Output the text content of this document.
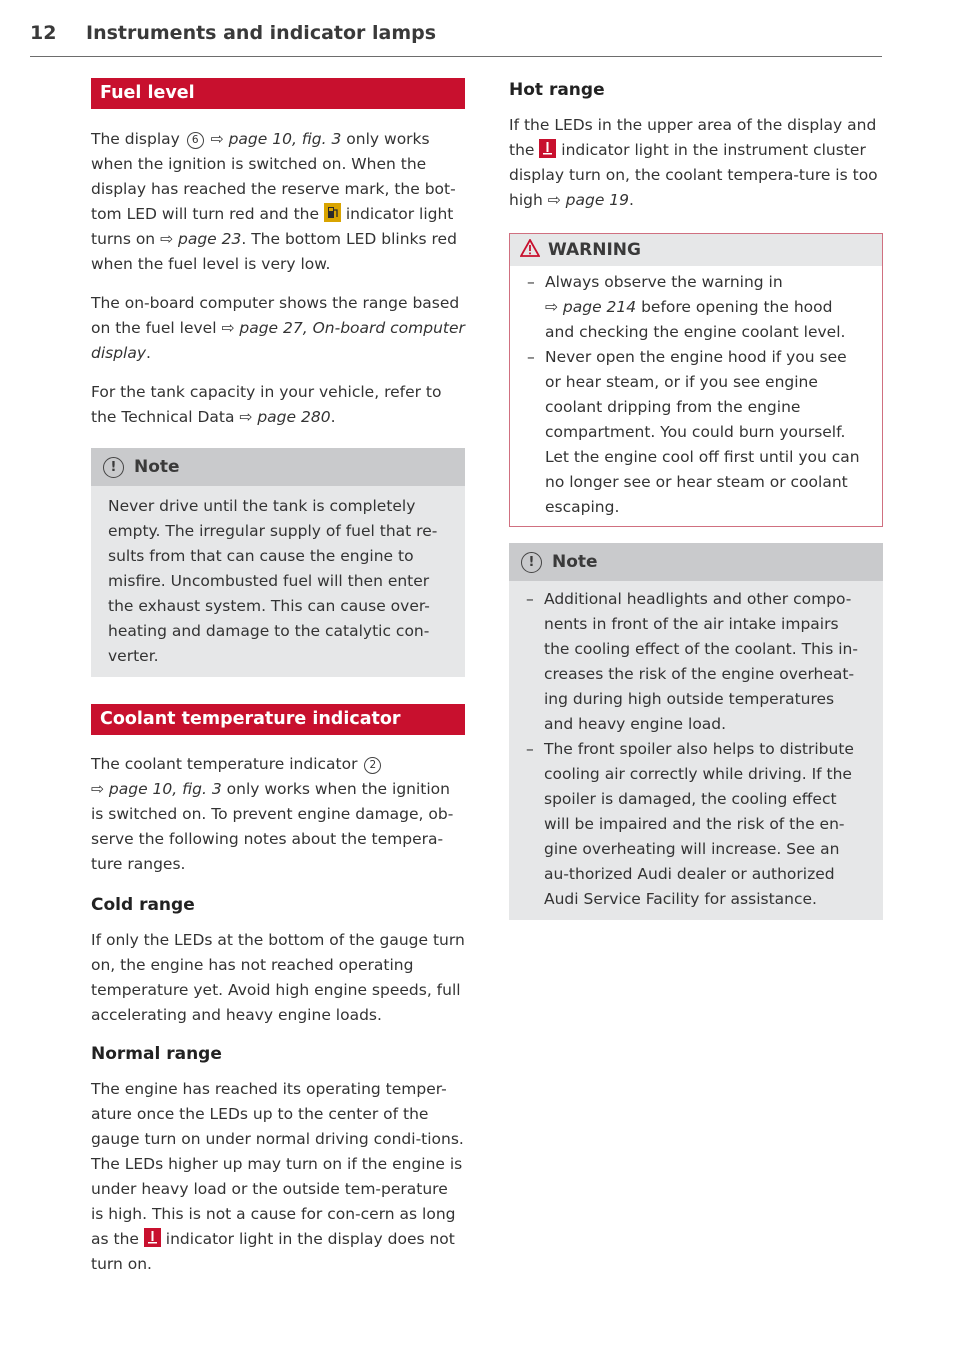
12 Instruments and indicator lamps
Fuel level

The display 6 ⇨ page 10, fig. 3 only works when the ignition is switched on. When the display has reached the reserve mark, the bot-tom LED will turn red and the  indicator light turns on ⇨ page 23. The bottom LED blinks red when the fuel level is very low.

The on-board computer shows the range based on the fuel level ⇨ page 27, On-board computer display.

For the tank capacity in your vehicle, refer to the Technical Data ⇨ page 280.

! Note

Never drive until the tank is completely empty. The irregular supply of fuel that re-sults from that can cause the engine to misfire. Uncombusted fuel will then enter the exhaust system. This can cause over-heating and damage to the catalytic con-verter.

Coolant temperature indicator

The coolant temperature indicator 2
⇨ page 10, fig. 3 only works when the ignition is switched on. To prevent engine damage, ob-serve the following notes about the tempera-ture ranges.

Cold range

If only the LEDs at the bottom of the gauge turn on, the engine has not reached operating temperature yet. Avoid high engine speeds, full accelerating and heavy engine loads.

Normal range

The engine has reached its operating temper-ature once the LEDs up to the center of the gauge turn on under normal driving condi-tions. The LEDs higher up may turn on if the engine is under heavy load or the outside tem-perature is high. This is not a cause for con-cern as long as the  indicator light in the display does not turn on.

Hot range

If the LEDs in the upper area of the display and the  indicator light in the instrument cluster display turn on, the coolant tempera-ture is too high ⇨ page 19.

WARNING
– Always observe the warning in
⇨ page 214 before opening the hood and checking the engine coolant level.
– Never open the engine hood if you see or hear steam, or if you see engine coolant dripping from the engine compartment. You could burn yourself. Let the engine cool off first until you can no longer see or hear steam or coolant escaping.
! Note
– Additional headlights and other compo-nents in front of the air intake impairs the cooling effect of the coolant. This in-creases the risk of the engine overheat-ing during high outside temperatures and heavy engine load.
– The front spoiler also helps to distribute cooling air correctly while driving. If the spoiler is damaged, the cooling effect will be impaired and the risk of the en-gine overheating will increase. See an au-thorized Audi dealer or authorized Audi Service Facility for assistance.
